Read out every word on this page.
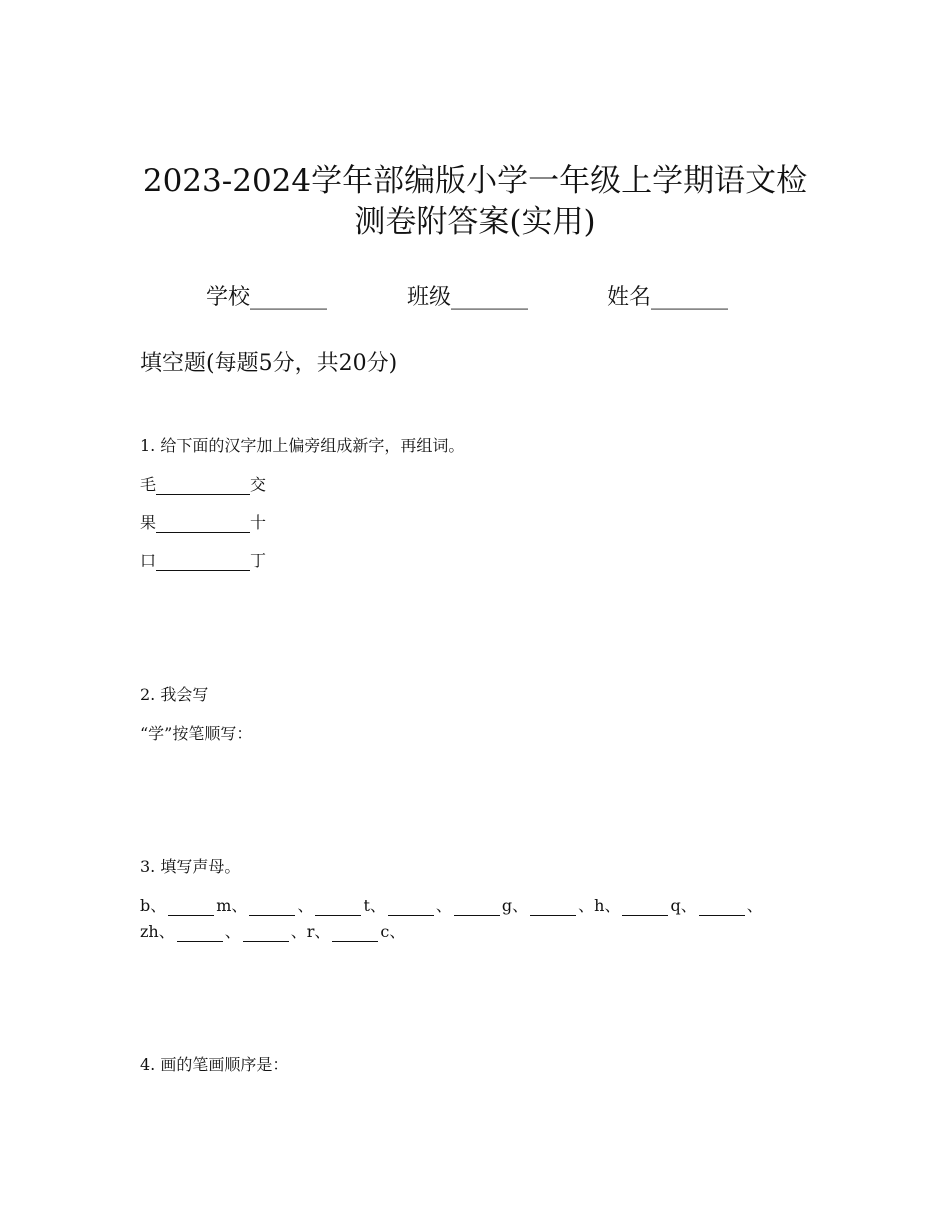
2023-2024学年部编版小学一年级上学期语文检
测卷附答案(实用)
学校_______	班级_______	姓名_______
填空题(每题5分，共20分)
1. 给下面的汉字加上偏旁组成新字，再组词。
毛	交
果	十
口	丁
2. 我会写
“学”按笔顺写：
3. 填写声母。
b、	m、	、	t、	、	g、	、h、	q、	、
zh、	、	、r、	c、
4. 画的笔画顺序是：
